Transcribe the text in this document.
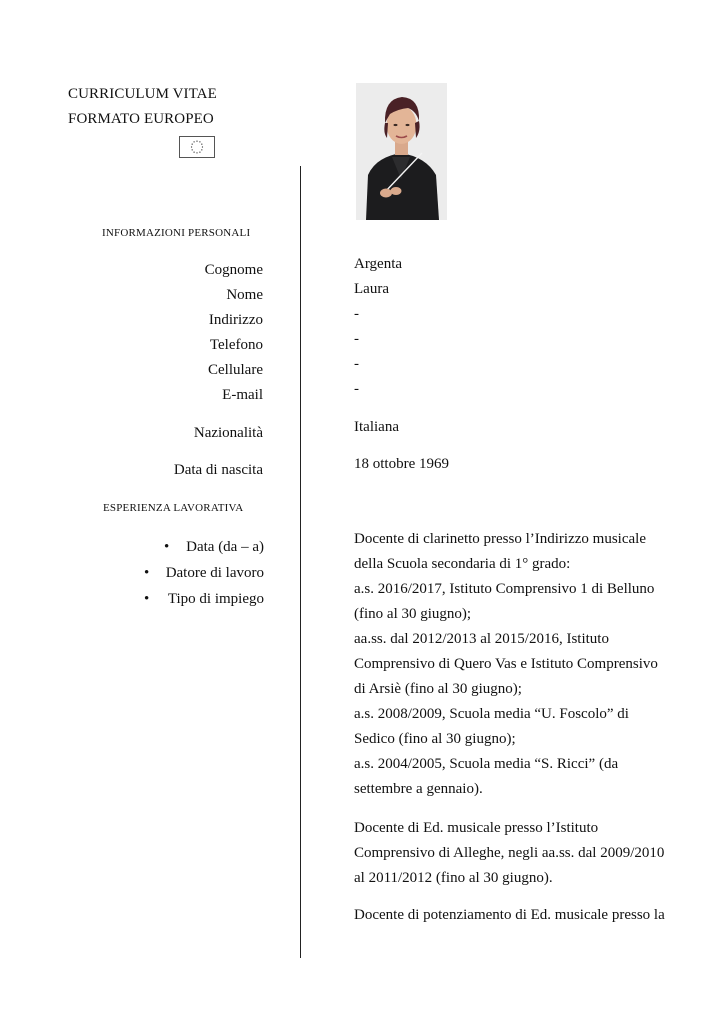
CURRICULUM VITAE
FORMATO EUROPEO
INFORMAZIONI PERSONALI
Cognome
Nome
Indirizzo
Telefono
Cellulare
E-mail
Nazionalità
Data di nascita
Argenta
Laura
-
-
-
-
Italiana
18 ottobre 1969
ESPERIENZA LAVORATIVA
• Data (da – a)
• Datore di lavoro
• Tipo di impiego
Docente di clarinetto presso l’Indirizzo musicale
della Scuola secondaria di 1° grado:
a.s. 2016/2017, Istituto Comprensivo 1 di Belluno
(fino al 30 giugno);
aa.ss. dal 2012/2013 al 2015/2016, Istituto
Comprensivo di Quero Vas e Istituto Comprensivo
di Arsiè (fino al 30 giugno);
a.s. 2008/2009, Scuola media “U. Foscolo” di
Sedico (fino al 30 giugno);
a.s. 2004/2005, Scuola media “S. Ricci” (da
settembre a gennaio).
Docente di Ed. musicale presso l’Istituto
Comprensivo di Alleghe, negli aa.ss. dal 2009/2010
al 2011/2012 (fino al 30 giugno).
Docente di potenziamento di Ed. musicale presso la
